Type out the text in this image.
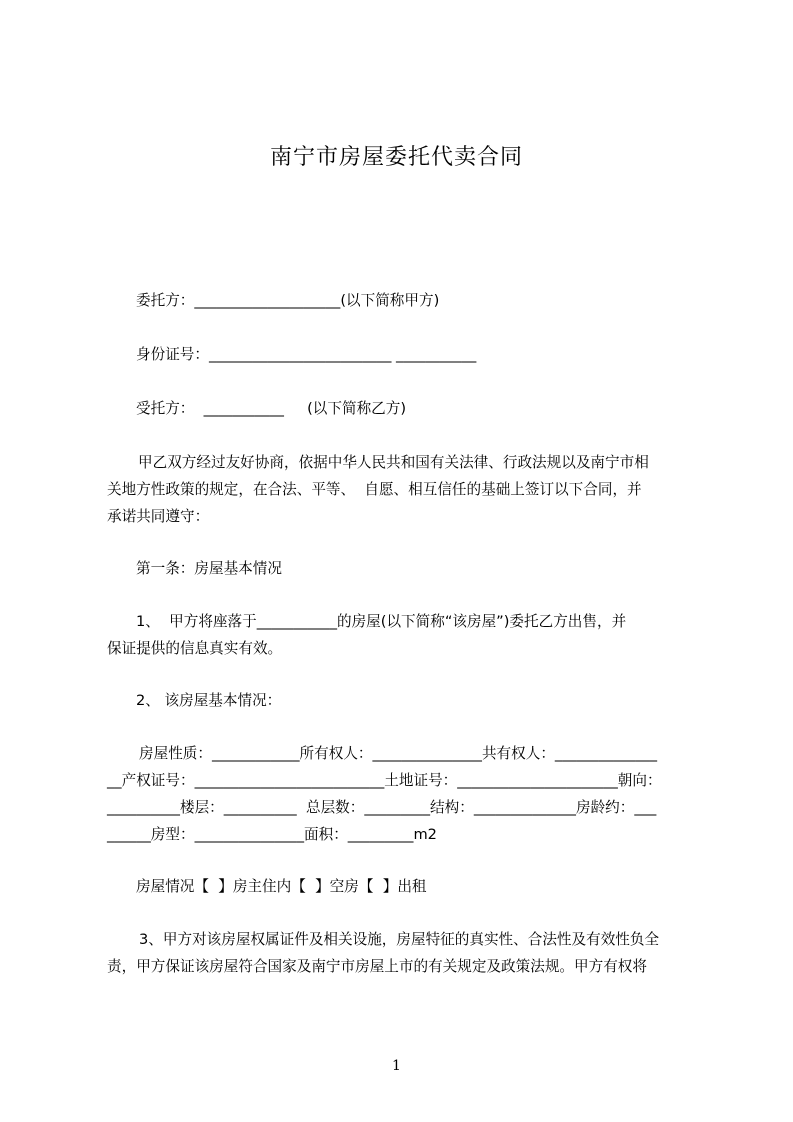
南宁市房屋委托代卖合同
委托方：____________________(以下简称甲方)
身份证号：_________________________ ___________
受托方：  ___________     (以下简称乙方)
甲乙双方经过友好协商，依据中华人民共和国有关法律、行政法规以及南宁市相
关地方性政策的规定，在合法、平等、  自愿、相互信任的基础上签订以下合同，并
承诺共同遵守：
第一条：房屋基本情况
1、  甲方将座落于___________的房屋(以下简称“该房屋”)委托乙方出售，并
保证提供的信息真实有效。
2、 该房屋基本情况：
房屋性质：____________所有权人：_______________共有权人：______________
__产权证号：__________________________土地证号：______________________朝向：
__________楼层：__________  总层数：_________结构：______________房龄约：___
______房型：_______________面积：_________m2
房屋情况【  】房主住内【  】空房【  】出租
3、甲方对该房屋权属证件及相关设施，房屋特征的真实性、合法性及有效性负全
责，甲方保证该房屋符合国家及南宁市房屋上市的有关规定及政策法规。甲方有权将
1
